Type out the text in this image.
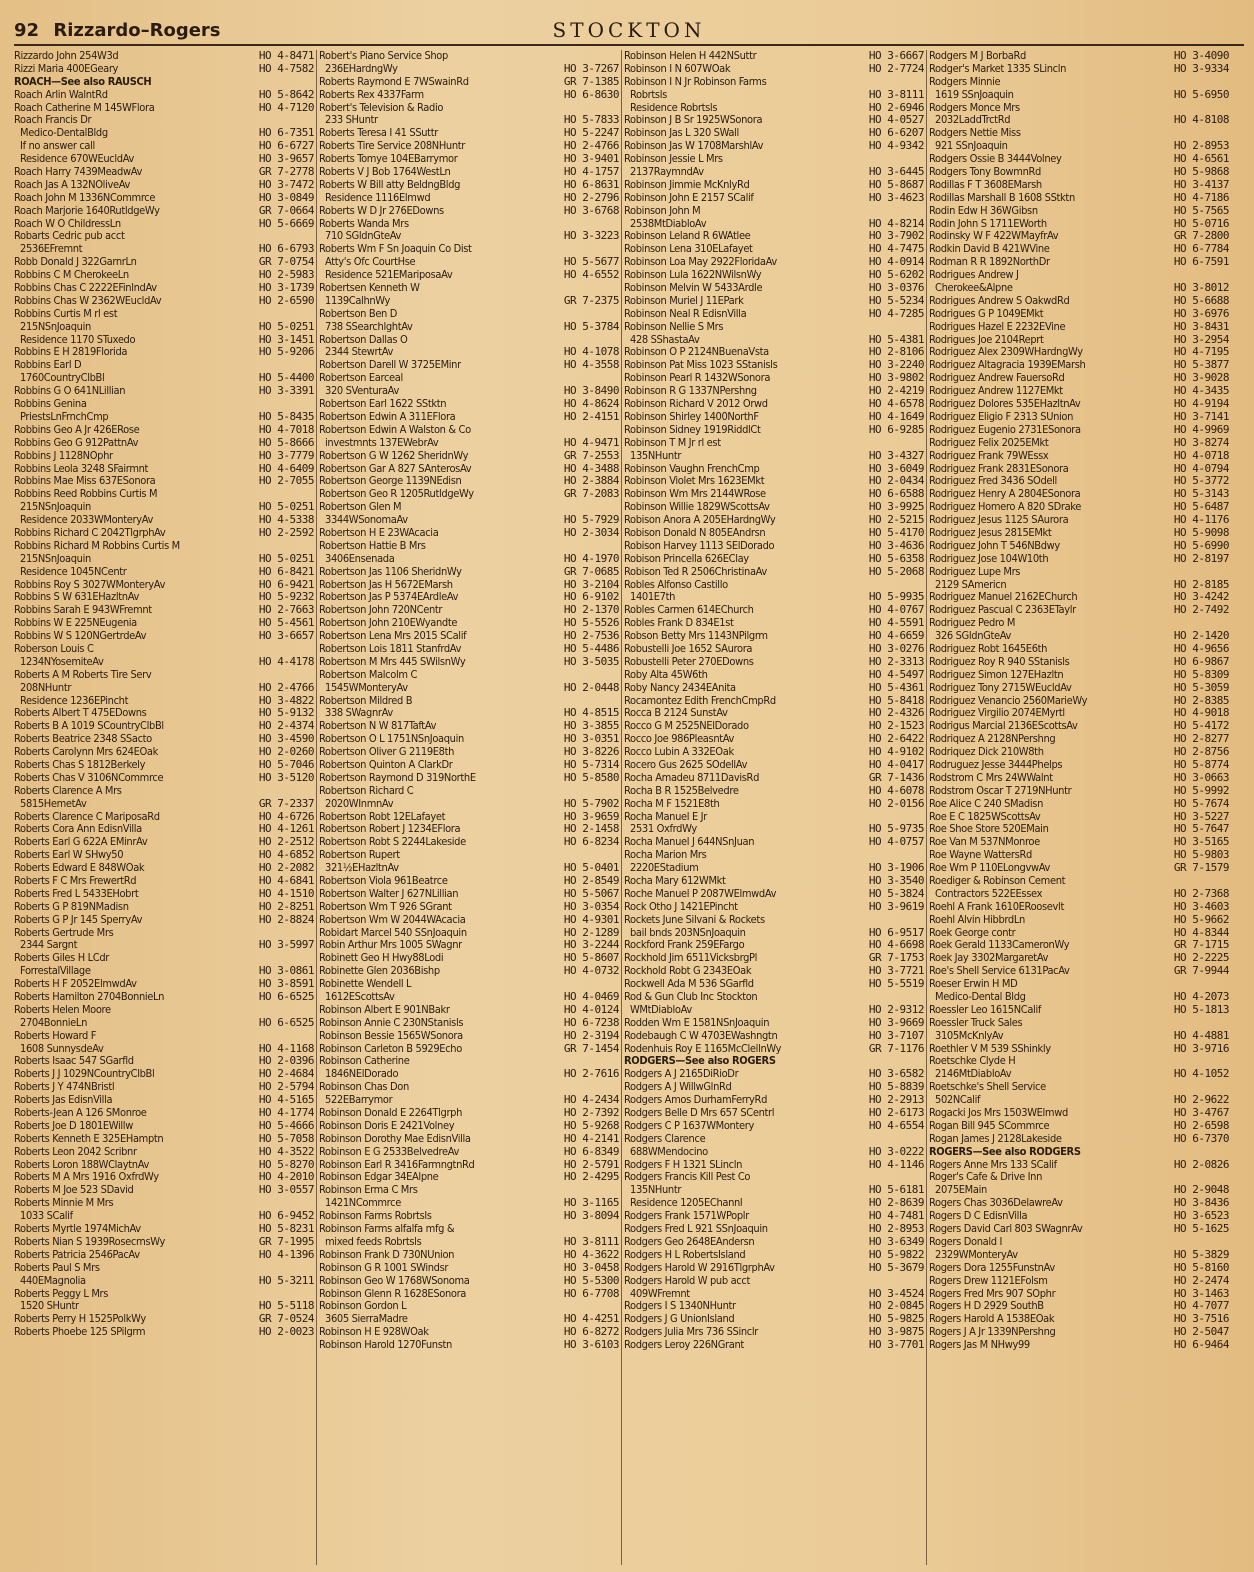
92 Rizzardo–Rogers	STOCKTON
HO 4-8471
Rizzardo John 254W3d
HO 4-7582
Rizzi Maria 400EGeary
ROACH—See also RAUSCH
HO 5-8642
Roach Arlin WalntRd
HO 4-7120
Roach Catherine M 145WFlora
Roach Francis Dr
HO 6-7351
Medico-DentalBldg
HO 6-6727
If no answer call
HO 3-9657
Residence 670WEucldAv
GR 7-2778
Roach Harry 7439MeadwAv
HO 3-7472
Roach Jas A 132NOliveAv
HO 3-0849
Roach John M 1336NCommrce
GR 7-0664
Roach Marjorie 1640RutldgeWy
HO 5-6669
Roach W O ChildressLn
Robarts Cedric pub acct
HO 6-6793
2536EFremnt
GR 7-0754
Robb Donald J 322GarnrLn
HO 2-5983
Robbins C M CherokeeLn
HO 3-1739
Robbins Chas C 2222EFinlndAv
HO 2-6590
Robbins Chas W 2362WEucldAv
Robbins Curtis M rl est
HO 5-0251
215NSnJoaquin
HO 3-1451
Residence 1170 STuxedo
HO 5-9206
Robbins E H 2819Florida
Robbins Earl D
HO 5-4400
1760CountryClbBl
HO 3-3391
Robbins G O 641NLillian
Robbins Genina
HO 5-8435
PriestsLnFrnchCmp
HO 4-7018
Robbins Geo A Jr 426ERose
HO 5-8666
Robbins Geo G 912PattnAv
HO 3-7779
Robbins J 1128NOphr
HO 4-6409
Robbins Leola 3248 SFairmnt
HO 2-7055
Robbins Mae Miss 637ESonora
Robbins Reed Robbins Curtis M
HO 5-0251
215NSnJoaquin
HO 4-5338
Residence 2033WMonteryAv
HO 2-2592
Robbins Richard C 2042TlgrphAv
Robbins Richard M Robbins Curtis M
HO 5-0251
215NSnJoaquin
HO 6-8421
Residence 1045NCentr
HO 6-9421
Robbins Roy S 3027WMonteryAv
HO 5-9232
Robbins S W 631EHazltnAv
HO 2-7663
Robbins Sarah E 943WFremnt
HO 5-4561
Robbins W E 225NEugenia
HO 3-6657
Robbins W S 120NGertrdeAv
Roberson Louis C
HO 4-4178
1234NYosemiteAv
Roberts A M Roberts Tire Serv
HO 2-4766
208NHuntr
HO 3-4822
Residence 1236EPincht
HO 5-9132
Roberts Albert T 475EDowns
HO 2-4374
Roberts B A 1019 SCountryClbBl
HO 3-4590
Roberts Beatrice 2348 SSacto
HO 2-0260
Roberts Carolynn Mrs 624EOak
HO 5-7046
Roberts Chas S 1812Berkely
HO 3-5120
Roberts Chas V 3106NCommrce
Roberts Clarence A Mrs
GR 7-2337
5815HemetAv
HO 4-6726
Roberts Clarence C MariposaRd
HO 4-1261
Roberts Cora Ann EdisnVilla
HO 2-2512
Roberts Earl G 622A EMinrAv
HO 4-6852
Roberts Earl W SHwy50
HO 2-2082
Roberts Edward E 848WOak
HO 4-6841
Roberts F C Mrs FrewertRd
HO 4-1510
Roberts Fred L 5433EHobrt
HO 2-8251
Roberts G P 819NMadisn
HO 2-8824
Roberts G P Jr 145 SperryAv
Roberts Gertrude Mrs
HO 3-5997
2344 Sargnt
Roberts Giles H LCdr
HO 3-0861
ForrestalVillage
HO 3-8591
Roberts H F 2052ElmwdAv
HO 6-6525
Roberts Hamilton 2704BonnieLn
Roberts Helen Moore
HO 6-6525
2704BonnieLn
Roberts Howard F
HO 4-1168
1608 SunnysdeAv
HO 2-0396
Roberts Isaac 547 SGarfld
HO 2-4684
Roberts J J 1029NCountryClbBl
HO 2-5794
Roberts J Y 474NBristl
HO 4-5165
Roberts Jas EdisnVilla
HO 4-1774
Roberts-Jean A 126 SMonroe
HO 5-4666
Roberts Joe D 1801EWillw
HO 5-7058
Roberts Kenneth E 325EHamptn
HO 4-3522
Roberts Leon 2042 Scribnr
HO 5-8270
Roberts Loron 188WClaytnAv
HO 4-2010
Roberts M A Mrs 1916 OxfrdWy
HO 3-0557
Roberts M Joe 523 SDavid
Roberts Minnie M Mrs
HO 6-9452
1033 SCalif
HO 5-8231
Roberts Myrtle 1974MichAv
GR 7-1995
Roberts Nian S 1939RosecrnsWy
HO 4-1396
Roberts Patricia 2546PacAv
Roberts Paul S Mrs
HO 5-3211
440EMagnolia
Roberts Peggy L Mrs
HO 5-5118
1520 SHuntr
GR 7-0524
Roberts Perry H 1525PolkWy
HO 2-0023
Roberts Phoebe 125 SPilgrm
Robert's Piano Service Shop
HO 3-7267
236EHardngWy
GR 7-1385
Roberts Raymond E 7WSwainRd
HO 6-8630
Roberts Rex 4337Farm
Robert's Television & Radio
HO 5-7833
233 SHuntr
HO 5-2247
Roberts Teresa I 41 SSuttr
HO 2-4766
Roberts Tire Service 208NHuntr
HO 3-9401
Roberts Tomye 104EBarrymor
HO 4-1757
Roberts V J Bob 1764WestLn
HO 6-8631
Roberts W Bill atty BeldngBldg
HO 2-2796
Residence 1116Elmwd
HO 3-6768
Roberts W D Jr 276EDowns
Roberts Wanda Mrs
HO 3-3223
710 SGldnGteAv
Roberts Wm F Sn Joaquin Co Dist
HO 5-5677
Atty's Ofc CourtHse
HO 4-6552
Residence 521EMariposaAv
Robertsen Kenneth W
GR 7-2375
1139CalhnWy
Robertson Ben D
HO 5-3784
738 SSearchlghtAv
Robertson Dallas O
HO 4-1078
2344 StewrtAv
HO 4-3558
Robertson Darell W 3725EMinr
Robertson Earceal
HO 3-8490
320 SVenturaAv
HO 4-8624
Robertson Earl 1622 SStktn
HO 2-4151
Robertson Edwin A 311EFlora
Robertson Edwin A Walston & Co
HO 4-9471
investmnts 137EWebrAv
GR 7-2553
Robertson G W 1262 SheridnWy
HO 4-3488
Robertson Gar A 827 SAnterosAv
HO 2-3884
Robertson George 1139NEdisn
GR 7-2083
Robertson Geo R 1205RutldgeWy
Robertson Glen M
HO 5-7929
3344WSonomaAv
HO 2-3034
Robertson H E 23WAcacia
Robertson Hattie B Mrs
HO 4-1970
3406Ensenada
GR 7-0685
Robertson Jas 1106 SheridnWy
HO 3-2104
Robertson Jas H 5672EMarsh
HO 6-9102
Robertson Jas P 5374EArdleAv
HO 2-1370
Robertson John 720NCentr
HO 5-5526
Robertson John 210EWyandte
HO 2-7536
Robertson Lena Mrs 2015 SCalif
HO 5-4486
Robertson Lois 1811 StanfrdAv
HO 3-5035
Robertson M Mrs 445 SWilsnWy
Robertson Malcolm C
HO 2-0448
1545WMonteryAv
Robertson Mildred B
HO 4-8515
338 SWagnrAv
HO 3-3855
Robertson N W 817TaftAv
HO 3-0351
Robertson O L 1751NSnJoaquin
HO 3-8226
Robertson Oliver G 2119E8th
HO 5-7314
Robertson Quinton A ClarkDr
HO 5-8580
Robertson Raymond D 319NorthE
Robertson Richard C
HO 5-7902
2020WInmnAv
HO 3-9659
Robertson Robt 12ELafayet
HO 2-1458
Robertson Robert J 1234EFlora
HO 6-8234
Robertson Robt S 2244Lakeside
Robertson Rupert
HO 5-0401
321½EHazltnAv
HO 2-8549
Robertson Viola 961Beatrce
HO 5-5067
Robertson Walter J 627NLillian
HO 3-0354
Robertson Wm T 926 SGrant
HO 4-9301
Robertson Wm W 2044WAcacia
HO 2-1289
Robidart Marcel 540 SSnJoaquin
HO 3-2244
Robin Arthur Mrs 1005 SWagnr
HO 5-8607
Robinett Geo H Hwy88Lodi
HO 4-0732
Robinette Glen 2036Bishp
Robinette Wendell L
HO 4-0469
1612EScottsAv
HO 4-0124
Robinson Albert E 901NBakr
HO 6-7238
Robinson Annie C 230NStanisls
HO 2-3194
Robinson Bessie 1565WSonora
GR 7-1454
Robinson Carleton B 5929Echo
Robinson Catherine
HO 2-7616
1846NElDorado
Robinson Chas Don
HO 4-2434
522EBarrymor
HO 2-7392
Robinson Donald E 2264Tlgrph
HO 5-9268
Robinson Doris E 2421Volney
HO 4-2141
Robinson Dorothy Mae EdisnVilla
HO 6-8349
Robinson E G 2533BelvedreAv
HO 2-5791
Robinson Earl R 3416FarmngtnRd
HO 2-4295
Robinson Edgar 34EAlpne
Robinson Erma C Mrs
HO 3-1165
1421NCommrce
HO 3-8094
Robinson Farms Robrtsls
Robinson Farms alfalfa mfg &
HO 3-8111
mixed feeds Robrtsls
HO 4-3622
Robinson Frank D 730NUnion
HO 3-0458
Robinson G R 1001 SWindsr
HO 5-5300
Robinson Geo W 1768WSonoma
HO 6-7708
Robinson Glenn R 1628ESonora
Robinson Gordon L
HO 4-4251
3605 SierraMadre
HO 6-8272
Robinson H E 928WOak
HO 3-6103
Robinson Harold 1270Funstn
HO 3-6667
Robinson Helen H 442NSuttr
HO 2-7724
Robinson I N 607WOak
Robinson I N Jr Robinson Farms
HO 3-8111
Robrtsls
HO 2-6946
Residence Robrtsls
HO 4-0527
Robinson J B Sr 1925WSonora
HO 6-6207
Robinson Jas L 320 SWall
HO 4-9342
Robinson Jas W 1708MarshlAv
Robinson Jessie L Mrs
HO 3-6445
2137RaymndAv
HO 5-8687
Robinson Jimmie McKnlyRd
HO 3-4623
Robinson John E 2157 SCalif
Robinson John M
HO 4-8214
2538MtDiabloAv
HO 3-7902
Robinson Leland R 6WAtlee
HO 4-7475
Robinson Lena 310ELafayet
HO 4-0914
Robinson Loa May 2922FloridaAv
HO 5-6202
Robinson Lula 1622NWilsnWy
HO 3-0376
Robinson Melvin W 5433Ardle
HO 5-5234
Robinson Muriel J 11EPark
HO 4-7285
Robinson Neal R EdisnVilla
Robinson Nellie S Mrs
HO 5-4381
428 SShastaAv
HO 2-8106
Robinson O P 2124NBuenaVsta
HO 3-2240
Robinson Pat Miss 1023 SStanisls
HO 3-9802
Robinson Pearl R 1432WSonora
HO 2-4219
Robinson R G 1337NPershng
HO 4-6578
Robinson Richard V 2012 Orwd
HO 4-1649
Robinson Shirley 1400NorthF
HO 6-9285
Robinson Sidney 1919RiddlCt
Robinson T M Jr rl est
HO 3-4327
135NHuntr
HO 3-6049
Robinson Vaughn FrenchCmp
HO 2-0434
Robinson Violet Mrs 1623EMkt
HO 6-6588
Robinson Wm Mrs 2144WRose
HO 3-9925
Robinson Willie 1829WScottsAv
HO 2-5215
Robison Anora A 205EHardngWy
HO 5-4170
Robison Donald N 805EAndrsn
HO 3-4636
Robison Harvey 1113 SElDorado
HO 5-6358
Robison Princella 626EClay
HO 5-2068
Robison Ted R 2506ChristinaAv
Robles Alfonso Castillo
HO 5-9935
1401E7th
HO 4-0767
Robles Carmen 614EChurch
HO 4-5591
Robles Frank D 834E1st
HO 4-6659
Robson Betty Mrs 1143NPilgrm
HO 3-0276
Robustelli Joe 1652 SAurora
HO 2-3313
Robustelli Peter 270EDowns
HO 4-5497
Roby Alta 45W6th
HO 5-4361
Roby Nancy 2434EAnita
HO 5-8418
Rocamontez Edith FrenchCmpRd
HO 2-4326
Rocca B 2124 SunstAv
HO 2-1523
Rocco G M 2525NElDorado
HO 2-6422
Rocco Joe 986PleasntAv
HO 4-9102
Rocco Lubin A 332EOak
HO 4-0417
Rocero Gus 2625 SOdellAv
GR 7-1436
Rocha Amadeu 8711DavisRd
HO 4-6078
Rocha B R 1525Belvedre
HO 2-0156
Rocha M F 1521E8th
Rocha Manuel E Jr
HO 5-9735
2531 OxfrdWy
HO 4-0757
Rocha Manuel J 644NSnJuan
Rocha Marion Mrs
HO 3-1906
2220EStadium
HO 3-3540
Rocha Mary 612WMkt
HO 5-3824
Roche Manuel P 2087WElmwdAv
HO 3-9619
Rock Otho J 1421EPincht
Rockets June Silvani & Rockets
HO 6-9517
bail bnds 203NSnJoaquin
HO 4-6698
Rockford Frank 259EFargo
GR 7-1753
Rockhold Jim 6511VicksbrgPl
HO 3-7721
Rockhold Robt G 2343EOak
HO 5-5519
Rockwell Ada M 536 SGarfld
Rod & Gun Club Inc Stockton
HO 2-9312
WMtDiabloAv
HO 3-9669
Rodden Wm E 1581NSnJoaquin
HO 3-7107
Rodebaugh C W 4703EWashngtn
GR 7-1176
Rodenhuis Roy E 1165McClellnWy
RODGERS—See also ROGERS
HO 3-6582
Rodgers A J 2165DiRioDr
HO 5-8839
Rodgers A J WillwGlnRd
HO 2-2913
Rodgers Amos DurhamFerryRd
HO 2-6173
Rodgers Belle D Mrs 657 SCentrl
HO 4-6554
Rodgers C P 1637WMontery
Rodgers Clarence
HO 3-0222
688WMendocino
HO 4-1146
Rodgers F H 1321 SLincln
Rodgers Francis Kill Pest Co
HO 5-6181
135NHuntr
HO 2-8639
Residence 1205EChannl
HO 4-7481
Rodgers Frank 1571WPoplr
HO 2-8953
Rodgers Fred L 921 SSnJoaquin
HO 3-6349
Rodgers Geo 2648EAndersn
HO 5-9822
Rodgers H L RobertsIsland
HO 5-3679
Rodgers Harold W 2916TlgrphAv
Rodgers Harold W pub acct
HO 3-4524
409WFremnt
HO 2-0845
Rodgers I S 1340NHuntr
HO 5-9825
Rodgers J G UnionIsland
HO 3-9875
Rodgers Julia Mrs 736 SSinclr
HO 3-7701
Rodgers Leroy 226NGrant
HO 3-4090
Rodgers M J BorbaRd
HO 3-9334
Rodger's Market 1335 SLincln
Rodgers Minnie
HO 5-6950
1619 SSnJoaquin
Rodgers Monce Mrs
HO 4-8108
2032LaddTrctRd
Rodgers Nettie Miss
HO 2-8953
921 SSnJoaquin
HO 4-6561
Rodgers Ossie B 3444Volney
HO 5-9868
Rodgers Tony BowmnRd
HO 3-4137
Rodillas F T 3608EMarsh
HO 4-7186
Rodillas Marshall B 1608 SStktn
HO 5-7565
Rodin Edw H 36WGibsn
HO 5-0716
Rodin John S 1711EWorth
GR 7-2800
Rodinsky W F 422WMayfrAv
HO 6-7784
Rodkin David B 421WVine
HO 6-7591
Rodman R R 1892NorthDr
Rodrigues Andrew J
HO 3-8012
Cherokee&Alpne
HO 5-6688
Rodrigues Andrew S OakwdRd
HO 3-6976
Rodrigues G P 1049EMkt
HO 3-8431
Rodrigues Hazel E 2232EVine
HO 3-2954
Rodrigues Joe 2104Reprt
HO 4-7195
Rodriguez Alex 2309WHardngWy
HO 5-3877
Rodriguez Altagracia 1939EMarsh
HO 3-9028
Rodriguez Andrew FauersoRd
HO 4-3435
Rodriguez Andrew 1127EMkt
HO 4-9194
Rodriguez Dolores 535EHazltnAv
HO 3-7141
Rodriguez Eligio F 2313 SUnion
HO 4-9969
Rodriguez Eugenio 2731ESonora
HO 3-8274
Rodriguez Felix 2025EMkt
HO 4-0718
Rodriguez Frank 79WEssx
HO 4-0794
Rodriguez Frank 2831ESonora
HO 5-3772
Rodriguez Fred 3436 SOdell
HO 5-3143
Rodriguez Henry A 2804ESonora
HO 5-6487
Rodriguez Homero A 820 SDrake
HO 4-1176
Rodriguez Jesus 1125 SAurora
HO 5-9098
Rodriguez Jesus 2815EMkt
HO 5-6990
Rodriguez John T 546NBdwy
HO 2-8197
Rodriguez Jose 104W10th
Rodriguez Lupe Mrs
HO 2-8185
2129 SAmericn
HO 3-4242
Rodriguez Manuel 2162EChurch
HO 2-7492
Rodriguez Pascual C 2363ETaylr
Rodriguez Pedro M
HO 2-1420
326 SGldnGteAv
HO 4-9656
Rodriguez Robt 1645E6th
HO 6-9867
Rodriguez Roy R 940 SStanisls
HO 5-8309
Rodriguez Simon 127EHazltn
HO 5-3059
Rodriguez Tony 2715WEucldAv
HO 2-8385
Rodriguez Venancio 2560MarieWy
HO 4-9018
Rodriguez Virgilio 2074EMyrtl
HO 5-4172
Rodrigus Marcial 2136EScottsAv
HO 2-8277
Rodriquez A 2128NPershng
HO 2-8756
Rodriquez Dick 210W8th
HO 5-8774
Rodruguez Jesse 3444Phelps
HO 3-0663
Rodstrom C Mrs 24WWalnt
HO 5-9992
Rodstrom Oscar T 2719NHuntr
HO 5-7674
Roe Alice C 240 SMadisn
HO 3-5227
Roe E C 1825WScottsAv
HO 5-7647
Roe Shoe Store 520EMain
HO 3-5165
Roe Van M 537NMonroe
HO 5-9803
Roe Wayne WattersRd
GR 7-1579
Roe Wm P 110ELongvwAv
Roediger & Robinson Cement
HO 2-7368
Contractors 522EEssex
HO 3-4603
Roehl A Frank 1610ERoosevlt
HO 5-9662
Roehl Alvin HibbrdLn
HO 4-8344
Roek George contr
GR 7-1715
Roek Gerald 1133CameronWy
HO 2-2225
Roek Jay 3302MargaretAv
GR 7-9944
Roe's Shell Service 6131PacAv
Roeser Erwin H MD
HO 4-2073
Medico-Dental Bldg
HO 5-1813
Roessler Leo 1615NCalif
Roessler Truck Sales
HO 4-4881
3105McKnlyAv
HO 3-9716
Roethler V M 539 SShinkly
Roetschke Clyde H
HO 4-1052
2146MtDiabloAv
Roetschke's Shell Service
HO 2-9622
502NCalif
HO 3-4767
Rogacki Jos Mrs 1503WElmwd
HO 2-6598
Rogan Bill 945 SCommrce
HO 6-7370
Rogan James J 2128Lakeside
ROGERS—See also RODGERS
HO 2-0826
Rogers Anne Mrs 133 SCalif
Roger's Cafe & Drive Inn
HO 2-9048
2075EMain
HO 3-8436
Rogers Chas 3036DelawreAv
HO 3-6523
Rogers D C EdisnVilla
HO 5-1625
Rogers David Carl 803 SWagnrAv
Rogers Donald I
HO 5-3829
2329WMonteryAv
HO 5-8160
Rogers Dora 1255FunstnAv
HO 2-2474
Rogers Drew 1121EFolsm
HO 3-1463
Rogers Fred Mrs 907 SOphr
HO 4-7077
Rogers H D 2929 SouthB
HO 3-7516
Rogers Harold A 1538EOak
HO 2-5047
Rogers J A Jr 1339NPershng
HO 6-9464
Rogers Jas M NHwy99
